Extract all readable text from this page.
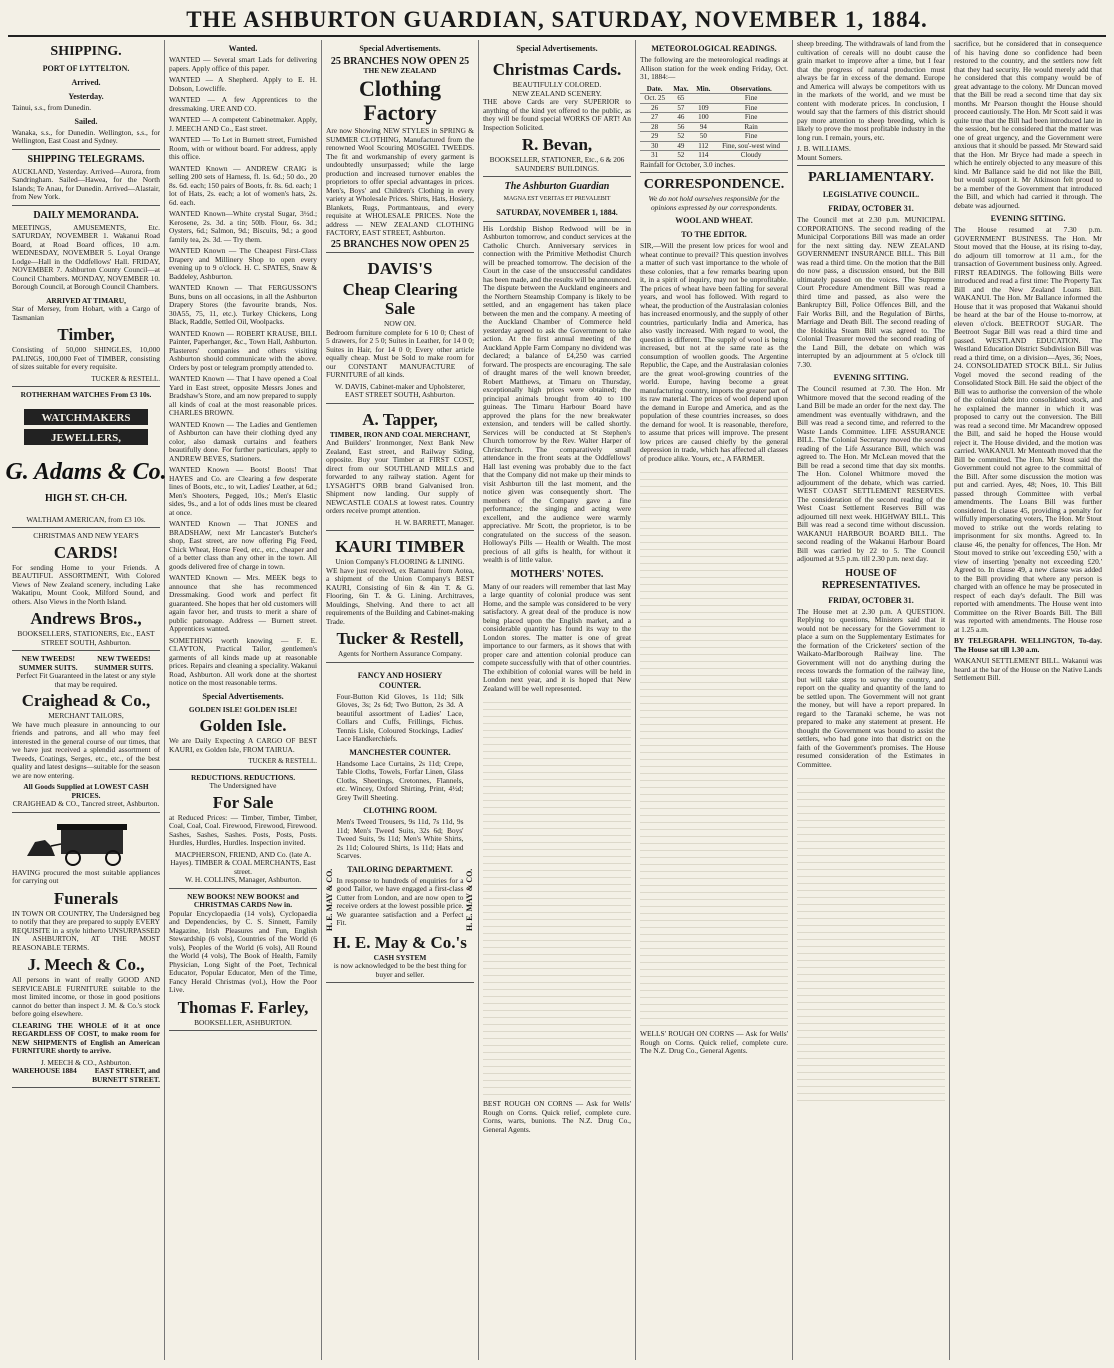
THE ASHBURTON GUARDIAN, SATURDAY, NOVEMBER 1, 1884.
SHIPPING.
PORT OF LYTTELTON.
Arrived.
Yesterday.

Tainui, s.s., from Dunedin.

Sailed.

Wanaka, s.s., for Dunedin. Wellington, s.s., for Wellington, East Coast and Sydney.

SHIPPING TELEGRAMS.

AUCKLAND, Yesterday. Arrived—Aurora, from Sandringham. Sailed—Hawea, for the North Islands; Te Anau, for Dunedin. Arrived—Alastair, from New York.

DAILY MEMORANDA.

MEETINGS, AMUSEMENTS, Etc. SATURDAY, NOVEMBER 1. Wakanui Road Board, at Road Board offices, 10 a.m. WEDNESDAY, NOVEMBER 5. Loyal Orange Lodge—Hall in the Oddfellows' Hall. FRIDAY, NOVEMBER 7. Ashburton County Council—at Council Chambers. MONDAY, NOVEMBER 10. Borough Council, at Borough Council Chambers.

ARRIVED AT TIMARU,

Star of Mersey, from Hobart, with a Cargo of Tasmanian

Timber,

Consisting of 50,000 SHINGLES, 10,000 PALINGS, 100,000 Feet of TIMBER, consisting of sizes suitable for every requisite.

TUCKER & RESTELL.
ROTHERHAM WATCHES From £3 10s.
WATCHMAKERS
JEWELLERS,
G. Adams & Co.
HIGH ST. CH-CH.
WALTHAM AMERICAN, from £3 10s.
CHRISTMAS AND NEW YEAR'S
CARDS!

For sending Home to your Friends. A BEAUTIFUL ASSORTMENT, With Colored Views of New Zealand scenery, including Lake Wakatipu, Mount Cook, Milford Sound, and others. Also Views in the North Island.

Andrews Bros.,
BOOKSELLERS, STATIONERS, Etc., EAST STREET SOUTH, Ashburton.
NEW TWEEDS! SUMMER SUITS.
NEW TWEEDS! SUMMER SUITS.
Perfect Fit Guaranteed in the latest or any style that may be required.
Craighead & Co.,
MERCHANT TAILORS,

We have much pleasure in announcing to our friends and patrons, and all who may feel interested in the general course of our times, that we have just received a splendid assortment of Tweeds, Coatings, Serges, etc., etc., of the best quality and latest designs—suitable for the season we are now entering.

All Goods Supplied at LOWEST CASH PRICES.
CRAIGHEAD & CO., Tancred street, Ashburton.

HAVING procured the most suitable appliances for carrying out

Funerals

IN TOWN OR COUNTRY, The Undersigned beg to notify that they are prepared to supply EVERY REQUISITE in a style hitherto UNSURPASSED IN ASHBURTON, AT THE MOST REASONABLE TERMS.

J. Meech & Co.,

All persons in want of really GOOD AND SERVICEABLE FURNITURE suitable to the most limited income, or those in good positions cannot do better than inspect J. M. & Co.'s stock before going elsewhere.

CLEARING THE WHOLE of it at once REGARDLESS OF COST, to make room for NEW SHIPMENTS of English an American FURNITURE shortly to arrive.

J. MEECH & CO., Ashburton.
WAREHOUSE 1884	EAST STREET, and BURNETT STREET.
Wanted.

WANTED — Several smart Lads for delivering papers. Apply office of this paper.

WANTED — A Shepherd. Apply to E. H. Dobson, Lowcliffe.

WANTED — A few Apprentices to the dressmaking. URE AND CO.

WANTED — A competent Cabinetmaker. Apply, J. MEECH AND Co., East street.

WANTED — To Let in Burnett street, Furnished Room, with or without board. For address, apply this office.

WANTED Known — ANDREW CRAIG is selling 200 sets of Harness, fl. 1s. 6d.; 50 do., 20 8s. 6d. each; 150 pairs of Boots, fr. 8s. 6d. each; 1 lot of Hats, 2s. each; a lot of women's hats, 2s. 6d. each.

WANTED Known—White crystal Sugar, 3½d.; Kerosene, 2s. 3d. a tin; 50lb. Flour, 6s. 3d.; Oysters, 6d.; Salmon, 9d.; Biscuits, 9d.; a good family tea, 2s. 3d. — Try them.

WANTED Known — The Cheapest First-Class Drapery and Millinery Shop to open every evening up to 9 o'clock. H. C. SPATES, Snaw & Baddeley, Ashburton.

WANTED Known — That FERGUSSON'S Buns, buns on all occasions, in all the Ashburton Drapery Stores (the favourite brands, Nos. 30A55, 75, 11, etc.). Turkey Chickens, Long Black, Raddle, Settled Oil, Woolpacks.

WANTED Known — ROBERT KRAUSE, BILL Painter, Paperhanger, &c., Town Hall, Ashburton. Plasterers' companies and others visiting Ashburton should communicate with the above. Orders by post or telegram promptly attended to.

WANTED Known — That I have opened a Coal Yard in East street, opposite Messrs Jones and Bradshaw's Store, and am now prepared to supply all kinds of coal at the most reasonable prices. CHARLES BROWN.

WANTED Known — The Ladies and Gentlemen of Ashburton can have their clothing dyed any color, also damask curtains and feathers beautifully done. For further particulars, apply to ANDREW BEVES, Stationers.

WANTED Known — Boots! Boots! That HAYES and Co. are Clearing a few desperate lines of Boots, etc., to wit, Ladies' Leather, at 6d.; Men's Shooters, Pegged, 10s.; Men's Elastic sides, 9s., and a lot of odds lines must be cleared at once.

WANTED Known — That JONES and BRADSHAW, next Mr Lancaster's Butcher's shop, East street, are now offering Pig Feed, Chick Wheat, Horse Feed, etc., etc., cheaper and of a better class than any other in the town. All goods delivered free of charge in town.

WANTED Known — Mrs. MEEK begs to announce that she has recommenced Dressmaking. Good work and perfect fit guaranteed. She hopes that her old customers will again favor her, and trusts to merit a share of public patronage. Address — Burnett street. Apprentices wanted.

SOMETHING worth knowing — F. E. CLAYTON, Practical Tailor, gentlemen's garments of all kinds made up at reasonable prices. Repairs and cleaning a speciality. Wakanui Road, Ashburton. All work done at the shortest notice on the most reasonable terms.

Special Advertisements.
GOLDEN ISLE! GOLDEN ISLE!
Golden Isle.

We are Daily Expecting A CARGO OF BEST KAURI, ex Golden Isle, FROM TAIRUA.

TUCKER & RESTELL.
REDUCTIONS. REDUCTIONS.
The Undersigned have
For Sale

at Reduced Prices: — Timber, Timber, Timber, Coal, Coal, Coal. Firewood, Firewood, Firewood. Sashes, Sashes, Sashes. Posts, Posts, Posts. Hurdles, Hurdles, Hurdles. Inspection invited.

MACPHERSON, FRIEND, AND Co. (late A. Hayes). TIMBER & COAL MERCHANTS, East street.
W. H. COLLINS, Manager, Ashburton.
NEW BOOKS! NEW BOOKS! and CHRISTMAS CARDS Now in.

Popular Encyclopaedia (14 vols), Cyclopaedia and Dependencies, by C. S. Sinnett, Family Magazine, Irish Pleasures and Fun, English Stewardship (6 vols), Countries of the World (6 vols), Peoples of the World (6 vols), All Round the World (4 vols), The Book of Health, Family Physician, Long Sight of the Poet, Technical Educator, Popular Educator, Men of the Time, Fancy Herald Christmas (vol.), How the Poor Live.

Thomas F. Farley,
BOOKSELLER, ASHBURTON.
Special Advertisements.
25 BRANCHES NOW OPEN 25
THE NEW ZEALAND
Clothing Factory

Are now Showing NEW STYLES in SPRING & SUMMER CLOTHING, Manufactured from the renowned Wool Scouring MOSGIEL TWEEDS. The fit and workmanship of every garment is undoubtedly unsurpassed; while the large production and increased turnover enables the proprietors to offer special advantages in prices. Men's, Boys' and Children's Clothing in every variety at Wholesale Prices. Shirts, Hats, Hosiery, Blankets, Rugs, Portmanteaus, and every requisite at WHOLESALE PRICES. Note the address — NEW ZEALAND CLOTHING FACTORY, EAST STREET, Ashburton.

25 BRANCHES NOW OPEN 25
DAVIS'S
Cheap Clearing Sale
NOW ON.

Bedroom furniture complete for 6 10 0; Chest of 5 drawers, for 2 5 0; Suites in Leather, for 14 0 0; Suites in Hair, for 14 0 0; Every other article equally cheap. Must be Sold to make room for our CONSTANT MANUFACTURE of FURNITURE of all kinds.

W. DAVIS, Cabinet-maker and Upholsterer, EAST STREET SOUTH, Ashburton.
A. Tapper,
TIMBER, IRON AND COAL MERCHANT,

And Builders' Ironmonger, Next Bank New Zealand, East street, and Railway Siding, opposite. Buy your Timber at FIRST COST, direct from our SOUTHLAND MILLS and forwarded to any railway station. Agent for LYSAGHT'S ORB brand Galvanised Iron. Shipment now landing. Our supply of NEWCASTLE COALS at lowest rates. Country orders receive prompt attention.

H. W. BARRETT, Manager.
KAURI TIMBER
Union Company's FLOORING & LINING.

WE have just received, ex Ramanui from Aotea, a shipment of the Union Company's BEST KAURI, Consisting of 6in & 4in T. & G. Flooring, 6in T. & G. Lining. Architraves, Mouldings, Shelving. And there to act all requirements of the Building and Cabinet-making Trade.

Tucker & Restell,
Agents for Northern Assurance Company.
H. E. MAY & CO.
FANCY AND HOSIERY COUNTER.

Four-Button Kid Gloves, 1s 11d; Silk Gloves, 3s; 2s 6d; Two Button, 2s 3d. A beautiful assortment of Ladies' Lace, Collars and Cuffs, Frillings, Fichus. Tennis Lisle, Coloured Stockings, Ladies' Lace Handkerchiefs.

MANCHESTER COUNTER.

Handsome Lace Curtains, 2s 11d; Crepe, Table Cloths, Towels, Forfar Linen, Glass Cloths, Sheetings, Cretonnes, Flannels, etc. Wincey, Oxford Shirting, Print, 4½d; Grey Twill Sheeting.

CLOTHING ROOM.

Men's Tweed Trousers, 9s 11d, 7s 11d, 9s 11d; Men's Tweed Suits, 32s 6d; Boys' Tweed Suits, 9s 11d; Men's White Shirts, 2s 11d; Coloured Shirts, 1s 11d; Hats and Scarves.

TAILORING DEPARTMENT.

In response to hundreds of enquiries for a good Tailor, we have engaged a first-class Cutter from London, and are now open to receive orders at the lowest possible price. We guarantee satisfaction and a Perfect Fit.	H. E. MAY & CO.
H. E. May & Co.'s
CASH SYSTEM
is now acknowledged to be the best thing for buyer and seller.
Special Advertisements.
Christmas Cards.
BEAUTIFULLY COLORED.
NEW ZEALAND SCENERY.

THE above Cards are very SUPERIOR to anything of the kind yet offered to the public, as they will be found special WORKS OF ART! An Inspection Solicited.

R. Bevan,
BOOKSELLER, STATIONER, Etc., 6 & 206 SAUNDERS' BUILDINGS.
The Ashburton Guardian
MAGNA EST VERITAS ET PREVALEBIT
SATURDAY, NOVEMBER 1, 1884.

His Lordship Bishop Redwood will be in Ashburton tomorrow, and conduct services at the Catholic Church. Anniversary services in connection with the Primitive Methodist Church will be preached tomorrow. The decision of the Court in the case of the unsuccessful candidates has been made, and the results will be announced. The dispute between the Auckland engineers and the Northern Steamship Company is likely to be settled, and an engagement has taken place between the men and the company. A meeting of the Auckland Chamber of Commerce held yesterday agreed to ask the Government to take action. At the first annual meeting of the Auckland Apple Farm Company no dividend was declared; a balance of £4,250 was carried forward. The prospects are encouraging. The sale of draught mares of the well known breeder, Robert Matthews, at Timaru on Thursday, exceptionally high prices were obtained; the principal animals brought from 40 to 100 guineas. The Timaru Harbour Board have approved the plans for the new breakwater extension, and tenders will be called shortly. Services will be conducted at St Stephen's Church tomorrow by the Rev. Walter Harper of Christchurch. The comparatively small attendance in the front seats at the Oddfellows' Hall last evening was probably due to the fact that the Company did not make up their minds to visit Ashburton till the last moment, and the notice given was consequently short. The members of the Company gave a fine performance; the singing and acting were excellent, and the audience were warmly appreciative. Mr Scott, the proprietor, is to be congratulated on the success of the season. Holloway's Pills — Health or Wealth. The most precious of all gifts is health, for without it wealth is of little value.

MOTHERS' NOTES.

Many of our readers will remember that last May a large quantity of colonial produce was sent Home, and the sample was considered to be very satisfactory. A great deal of the produce is now being placed upon the English market, and a considerable quantity has found its way to the London stores. The matter is one of great importance to our farmers, as it shows that with proper care and attention colonial produce can compete successfully with that of other countries. The exhibition of colonial wares will be held in London next year, and it is hoped that New Zealand will be well represented.

BEST ROUGH ON CORNS — Ask for Wells' Rough on Corns. Quick relief, complete cure. Corns, warts, bunions. The N.Z. Drug Co., General Agents.

METEOROLOGICAL READINGS.

The following are the meteorological readings at Allison station for the week ending Friday, Oct. 31, 1884:—

Date.	Max.	Min.	Observations.
Oct. 25	65		Fine
26	57	109	Fine
27	46	100	Fine
28	56	94	Rain
29	52	50	Fine
30	49	112	Fine, sou'-west wind
31	52	114	Cloudy

Rainfall for October, 3.0 inches.

CORRESPONDENCE.

We do not hold ourselves responsible for the opinions expressed by our correspondents.

WOOL AND WHEAT.
TO THE EDITOR.

SIR,—Will the present low prices for wool and wheat continue to prevail? This question involves a matter of such vast importance to the whole of these colonies, that a few remarks bearing upon it, in a spirit of inquiry, may not be unprofitable. The prices of wheat have been falling for several years, and wool has followed. With regard to wheat, the production of the Australasian colonies has increased enormously, and the supply of other countries, particularly India and America, has also vastly increased. With regard to wool, the question is different. The supply of wool is being increased, but not at the same rate as the consumption of woollen goods. The Argentine Republic, the Cape, and the Australasian colonies are the great wool-growing countries of the world. Europe, having become a great manufacturing country, imports the greater part of its raw material. The prices of wool depend upon the demand in Europe and America, and as the population of these countries increases, so does the demand for wool. It is reasonable, therefore, to assume that prices will improve. The present low prices are caused chiefly by the general depression in trade, which has affected all classes of produce alike. Yours, etc., A FARMER.

WELLS' ROUGH ON CORNS — Ask for Wells' Rough on Corns. Quick relief, complete cure. The N.Z. Drug Co., General Agents.

sheep breeding. The withdrawals of land from the cultivation of cereals will no doubt cause the grain market to improve after a time, but I fear that the progress of natural production must always be far in excess of the demand. Europe and America will always be competitors with us in the markets of the world, and we must be content with moderate prices. In conclusion, I would say that the farmers of this district should pay more attention to sheep breeding, which is likely to prove the most profitable industry in the long run. I remain, yours, etc.

J. B. WILLIAMS.
Mount Somers.
PARLIAMENTARY.
LEGISLATIVE COUNCIL.
FRIDAY, OCTOBER 31.

The Council met at 2.30 p.m. MUNICIPAL CORPORATIONS. The second reading of the Municipal Corporations Bill was made an order for the next sitting day. NEW ZEALAND GOVERNMENT INSURANCE BILL. This Bill was read a third time. On the motion that the Bill do now pass, a discussion ensued, but the Bill ultimately passed on the voices. The Supreme Court Procedure Amendment Bill was read a third time and passed, as also were the Bankruptcy Bill, Police Offences Bill, and the Fair Works Bill, and the Regulation of Births, Marriage and Death Bill. The second reading of the Hokitika Steam Bill was agreed to. The Colonial Treasurer moved the second reading of the Land Bill, the debate on which was interrupted by an adjournment at 5 o'clock till 7.30.

EVENING SITTING.

The Council resumed at 7.30. The Hon. Mr Whitmore moved that the second reading of the Land Bill be made an order for the next day. The amendment was eventually withdrawn, and the Bill was read a second time, and referred to the Waste Lands Committee. LIFE ASSURANCE BILL. The Colonial Secretary moved the second reading of the Life Assurance Bill, which was agreed to. The Hon. Mr McLean moved that the Bill be read a second time that day six months. The Hon. Colonel Whitmore moved the adjournment of the debate, which was carried. WEST COAST SETTLEMENT RESERVES. The consideration of the second reading of the West Coast Settlement Reserves Bill was adjourned till next week. HIGHWAY BILL. This Bill was read a second time without discussion. WAKANUI HARBOUR BOARD BILL. The second reading of the Wakanui Harbour Board Bill was carried by 22 to 5. The Council adjourned at 9.5 p.m. till 2.30 p.m. next day.

HOUSE OF REPRESENTATIVES.
FRIDAY, OCTOBER 31.

The House met at 2.30 p.m. A QUESTION. Replying to questions, Ministers said that it would not be necessary for the Government to place a sum on the Supplementary Estimates for the formation of the Cricketers' section of the Waikato-Marlborough Railway line. The Government will not do anything during the recess towards the formation of the railway line, but will take steps to survey the country, and report on the quality and quantity of the land to be settled upon. The Government will not grant the money, but will have a report prepared. In regard to the Taranaki scheme, he was not prepared to make any statement at present. He thought the Government was bound to assist the settlers, who had gone into that district on the faith of the Government's promises. The House resumed consideration of the Estimates in Committee.

sacrifice, but he considered that in consequence of his having done so confidence had been restored to the country, and the settlers now felt that they had security. He would merely add that he considered that this company would be of great advantage to the colony. Mr Duncan moved that the Bill be read a second time that day six months. Mr Pearson thought the House should proceed cautiously. The Hon. Mr Scott said it was quite true that the Bill had been introduced late in the session, but he considered that the matter was one of great urgency, and the Government were anxious that it should be passed. Mr Steward said that the Hon. Mr Bryce had made a speech in which he entirely objected to any measure of this kind. Mr Ballance said he did not like the Bill, but would support it. Mr Atkinson felt proud to be a member of the Government that introduced the Bill, and which had carried it through. The debate was adjourned.

EVENING SITTING.

The House resumed at 7.30 p.m. GOVERNMENT BUSINESS. The Hon. Mr Stout moved that the House, at its rising to-day, do adjourn till tomorrow at 11 a.m., for the transaction of Government business only. Agreed. FIRST READINGS. The following Bills were introduced and read a first time: The Property Tax Bill and the New Zealand Loans Bill. WAKANUI. The Hon. Mr Ballance informed the House that it was proposed that Wakanui should be heard at the bar of the House to-morrow, at eleven o'clock. BEETROOT SUGAR. The Beetroot Sugar Bill was read a third time and passed. WESTLAND EDUCATION. The Westland Education District Subdivision Bill was read a third time, on a division—Ayes, 36; Noes, 24. CONSOLIDATED STOCK BILL. Sir Julius Vogel moved the second reading of the Consolidated Stock Bill. He said the object of the Bill was to authorise the conversion of the whole of the colonial debt into consolidated stock, and he explained the manner in which it was proposed to carry out the conversion. The Bill was read a second time. Mr Macandrew opposed the Bill, and said he hoped the House would reject it. The House divided, and the motion was carried. WAKANUI. Mr Menteath moved that the Bill be committed. The Hon. Mr Stout said the Government could not agree to the committal of the Bill. After some discussion the motion was put and carried. Ayes, 48; Noes, 10. This Bill passed through Committee with verbal amendments. The Loans Bill was further considered. In clause 45, providing a penalty for wilfully impersonating voters, The Hon. Mr Stout moved to strike out the words relating to imprisonment for six months. Agreed to. In clause 46, the penalty for offences, The Hon. Mr Stout moved to strike out 'exceeding £50,' with a view of inserting 'penalty not exceeding £20.' Agreed to. In clause 49, a new clause was added to the Bill providing that where any person is charged with an offence he may be prosecuted in respect of each day's default. The Bill was reported with amendments. The House went into Committee on the River Boards Bill. The Bill was reported with amendments. The House rose at 1.25 a.m.

BY TELEGRAPH. WELLINGTON, To-day. The House sat till 1.30 a.m.

WAKANUI SETTLEMENT BILL. Wakanui was heard at the bar of the House on the Native Lands Settlement Bill.
